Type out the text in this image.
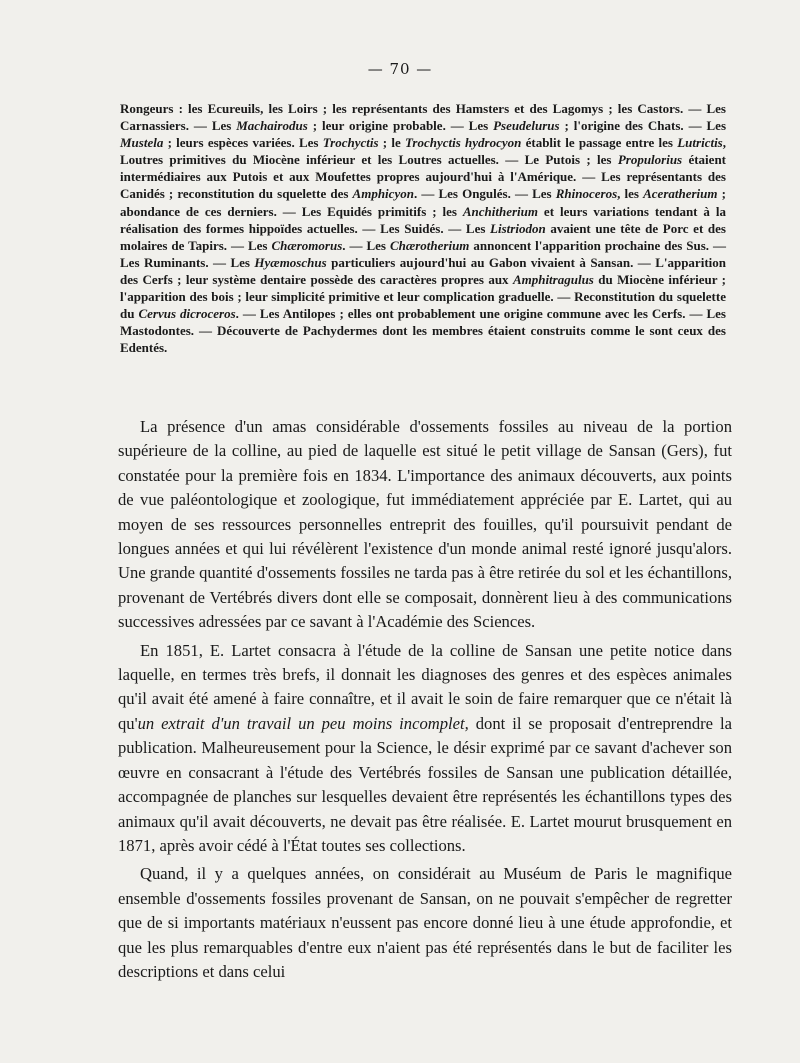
— 70 —

Rongeurs : les Ecureuils, les Loirs ; les représentants des Hamsters et des Lagomys ; les Castors. — Les Carnassiers. — Les Machairodus ; leur origine probable. — Les Pseudelurus ; l'origine des Chats. — Les Mustela ; leurs espèces variées. Les Trochyctis ; le Trochyctis hydrocyon établit le passage entre les Lutrictis, Loutres primitives du Miocène inférieur et les Loutres actuelles. — Le Putois ; les Propulorius étaient intermédiaires aux Putois et aux Moufettes propres aujourd'hui à l'Amérique. — Les représentants des Canidés ; reconstitution du squelette des Amphicyon. — Les Ongulés. — Les Rhinoceros, les Aceratherium ; abondance de ces derniers. — Les Equidés primitifs ; les Anchitherium et leurs variations tendant à la réalisation des formes hippoïdes actuelles. — Les Suidés. — Les Listriodon avaient une tête de Porc et des molaires de Tapirs. — Les Chæromorus. — Les Chærotherium annoncent l'apparition prochaine des Sus. — Les Ruminants. — Les Hyæmoschus particuliers aujourd'hui au Gabon vivaient à Sansan. — L'apparition des Cerfs ; leur système dentaire possède des caractères propres aux Amphitragulus du Miocène inférieur ; l'apparition des bois ; leur simplicité primitive et leur complication graduelle. — Reconstitution du squelette du Cervus dicroceros. — Les Antilopes ; elles ont probablement une origine commune avec les Cerfs. — Les Mastodontes. — Découverte de Pachydermes dont les membres étaient construits comme le sont ceux des Edentés.

La présence d'un amas considérable d'ossements fossiles au niveau de la portion supérieure de la colline, au pied de laquelle est situé le petit village de Sansan (Gers), fut constatée pour la première fois en 1834. L'importance des animaux découverts, aux points de vue paléontologique et zoologique, fut immédiatement appréciée par E. Lartet, qui au moyen de ses ressources personnelles entreprit des fouilles, qu'il poursuivit pendant de longues années et qui lui révélèrent l'existence d'un monde animal resté ignoré jusqu'alors. Une grande quantité d'ossements fossiles ne tarda pas à être retirée du sol et les échantillons, provenant de Vertébrés divers dont elle se composait, donnèrent lieu à des communications successives adressées par ce savant à l'Académie des Sciences.

En 1851, E. Lartet consacra à l'étude de la colline de Sansan une petite notice dans laquelle, en termes très brefs, il donnait les diagnoses des genres et des espèces animales qu'il avait été amené à faire connaître, et il avait le soin de faire remarquer que ce n'était là qu'un extrait d'un travail un peu moins incomplet, dont il se proposait d'entreprendre la publication. Malheureusement pour la Science, le désir exprimé par ce savant d'achever son œuvre en consacrant à l'étude des Vertébrés fossiles de Sansan une publication détaillée, accompagnée de planches sur lesquelles devaient être représentés les échantillons types des animaux qu'il avait découverts, ne devait pas être réalisée. E. Lartet mourut brusquement en 1871, après avoir cédé à l'État toutes ses collections.

Quand, il y a quelques années, on considérait au Muséum de Paris le magnifique ensemble d'ossements fossiles provenant de Sansan, on ne pouvait s'empêcher de regretter que de si importants matériaux n'eussent pas encore donné lieu à une étude approfondie, et que les plus remarquables d'entre eux n'aient pas été représentés dans le but de faciliter les descriptions et dans celui
